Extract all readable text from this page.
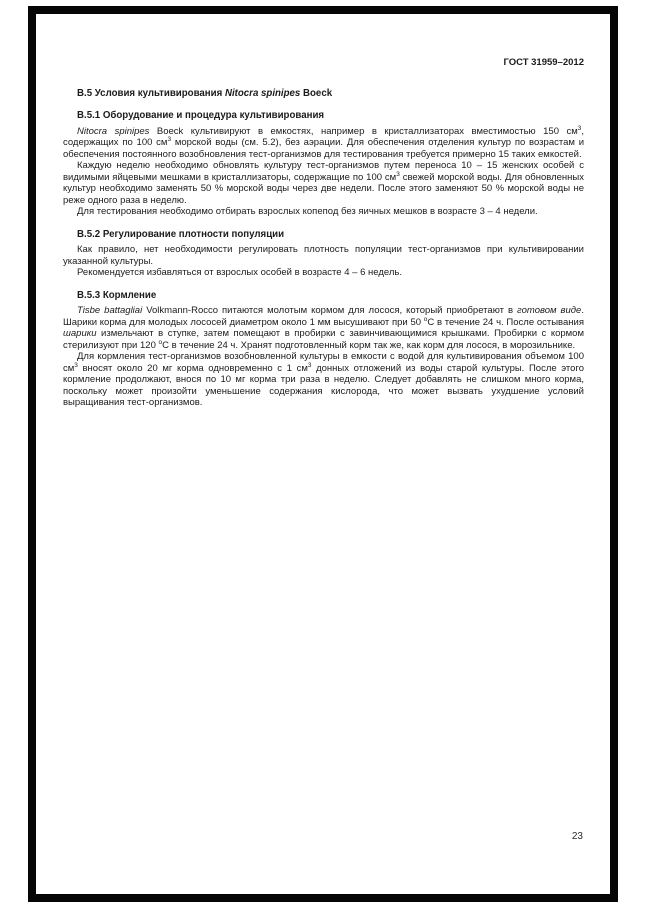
ГОСТ 31959–2012
В.5 Условия культивирования Nitocra spinipes Boeck
В.5.1 Оборудование и процедура культивирования
Nitocra spinipes Boeck культивируют в емкостях, например в кристаллизаторах вместимостью 150 $см^3$, содержащих по 100 $см^3$ морской воды (см. 5.2), без аэрации. Для обеспечения отделения культур по возрастам и обеспечения постоянного возобновления тест-организмов для тестирования требуется примерно 15 таких емкостей.
Каждую неделю необходимо обновлять культуру тест-организмов путем переноса 10 – 15 женских особей с видимыми яйцевыми мешками в кристаллизаторы, содержащие по 100 $см^3$ свежей морской воды. Для обновленных культур необходимо заменять 50 % морской воды через две недели. После этого заменяют 50 % морской воды не реже одного раза в неделю.
Для тестирования необходимо отбирать взрослых копепод без яичных мешков в возрасте 3 – 4 недели.
В.5.2 Регулирование плотности популяции
Как правило, нет необходимости регулировать плотность популяции тест-организмов при культивировании указанной культуры.
Рекомендуется избавляться от взрослых особей в возрасте 4 – 6 недель.
В.5.3 Кормление
Tisbe battagliai Volkmann-Rocco питаются молотым кормом для лосося, который приобретают в готовом виде. Шарики корма для молодых лососей диаметром около 1 мм высушивают при 50 $^о$С в течение 24 ч. После остывания шарики измельчают в ступке, затем помещают в пробирки с завинчивающимися крышками. Пробирки с кормом стерилизуют при 120 $^о$С в течение 24 ч. Хранят подготовленный корм так же, как корм для лосося, в морозильнике.
Для кормления тест-организмов возобновленной культуры в емкости с водой для культивирования объемом 100 $см^3$ вносят около 20 мг корма одновременно с 1 $см^3$ донных отложений из воды старой культуры. После этого кормление продолжают, внося по 10 мг корма три раза в неделю. Следует добавлять не слишком много корма, поскольку может произойти уменьшение содержания кислорода, что может вызвать ухудшение условий выращивания тест-организмов.
23
